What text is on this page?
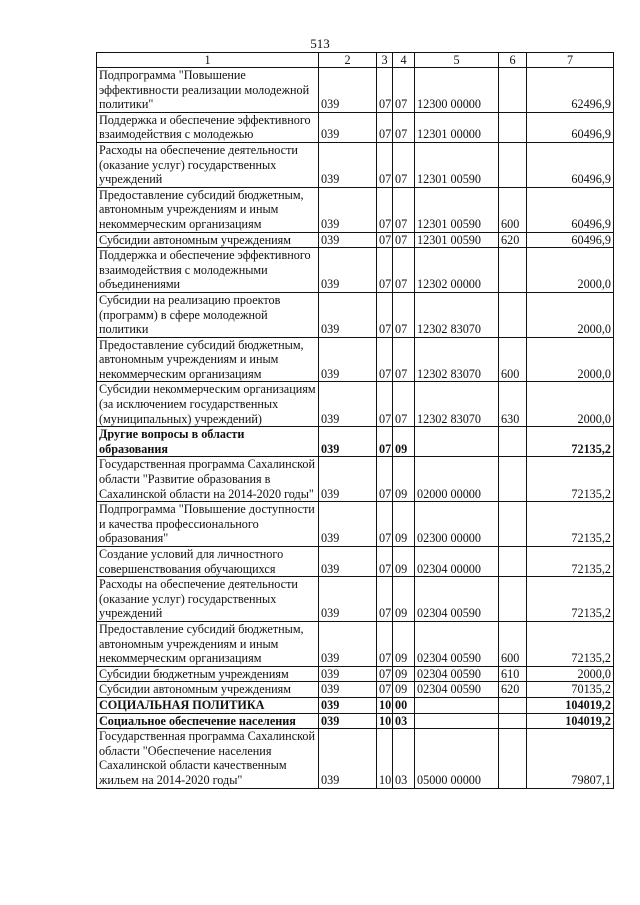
513
1	2	3	4	5	6	7
Подпрограмма "Повышение эффективности реализации молодежной политики"	039	07	07	12300 00000		62496,9
Поддержка и обеспечение эффективного взаимодействия с молодежью	039	07	07	12301 00000		60496,9
Расходы на обеспечение деятельности (оказание услуг) государственных учреждений	039	07	07	12301 00590		60496,9
Предоставление субсидий бюджетным, автономным учреждениям и иным некоммерческим организациям	039	07	07	12301 00590	600	60496,9
Субсидии автономным учреждениям	039	07	07	12301 00590	620	60496,9
Поддержка и обеспечение эффективного взаимодействия с молодежными объединениями	039	07	07	12302 00000		2000,0
Субсидии на реализацию проектов (программ) в сфере молодежной политики	039	07	07	12302 83070		2000,0
Предоставление субсидий бюджетным, автономным учреждениям и иным некоммерческим организациям	039	07	07	12302 83070	600	2000,0
Субсидии некоммерческим организациям (за исключением государственных (муниципальных) учреждений)	039	07	07	12302 83070	630	2000,0
Другие вопросы в области образования	039	07	09			72135,2
Государственная программа Сахалинской области "Развитие образования в Сахалинской области на 2014-2020 годы"	039	07	09	02000 00000		72135,2
Подпрограмма "Повышение доступности и качества профессионального образования"	039	07	09	02300 00000		72135,2
Создание условий для личностного совершенствования обучающихся	039	07	09	02304 00000		72135,2
Расходы на обеспечение деятельности (оказание услуг) государственных учреждений	039	07	09	02304 00590		72135,2
Предоставление субсидий бюджетным, автономным учреждениям и иным некоммерческим организациям	039	07	09	02304 00590	600	72135,2
Субсидии бюджетным учреждениям	039	07	09	02304 00590	610	2000,0
Субсидии автономным учреждениям	039	07	09	02304 00590	620	70135,2
СОЦИАЛЬНАЯ ПОЛИТИКА	039	10	00			104019,2
Социальное обеспечение населения	039	10	03			104019,2
Государственная программа Сахалинской области "Обеспечение населения Сахалинской области качественным жильем на 2014-2020 годы"	039	10	03	05000 00000		79807,1
